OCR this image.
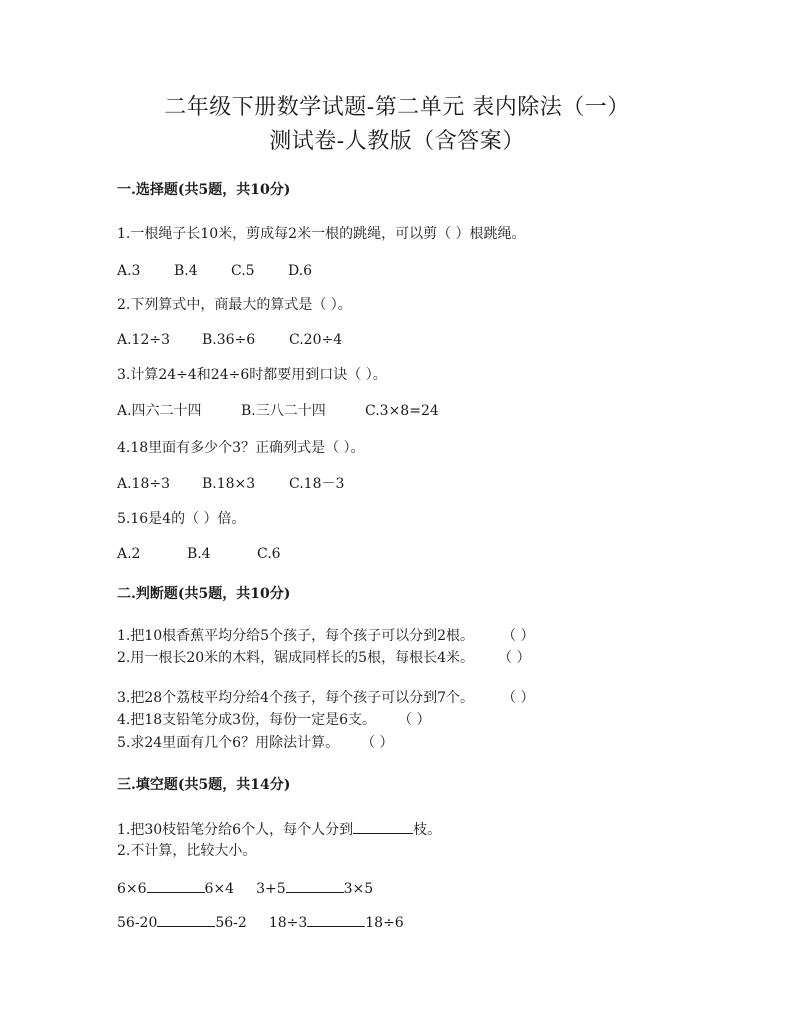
二年级下册数学试题-第二单元 表内除法（一）
测试卷-人教版（含答案）
一.选择题(共5题，共10分)
1.一根绳子长10米，剪成每2米一根的跳绳，可以剪（ ）根跳绳。
A.3 B.4 C.5 D.6
2.下列算式中，商最大的算式是（ ）。
A.12÷3 B.36÷6 C.20÷4
3.计算24÷4和24÷6时都要用到口诀（ ）。
A.四六二十四	B.三八二十四	C.3×8=24
4.18里面有多少个3？正确列式是（ ）。
A.18÷3 B.18×3 C.18－3
5.16是4的（ ）倍。
A.2	B.4	C.6
二.判断题(共5题，共10分)
1.把10根香蕉平均分给5个孩子，每个孩子可以分到2根。 （ ）
2.用一根长20米的木料，锯成同样长的5根，每根长4米。 （ ）
3.把28个荔枝平均分给4个孩子，每个孩子可以分到7个。 （ ）
4.把18支铅笔分成3份，每份一定是6支。 （ ）
5.求24里面有几个6？用除法计算。 （ ）
三.填空题(共5题，共14分)
1.把30枝铅笔分给6个人，每个人分到	枝。
2.不计算，比较大小。
6×6	6×4 3+5	3×5
56-20	56-2 18÷3	18÷6
